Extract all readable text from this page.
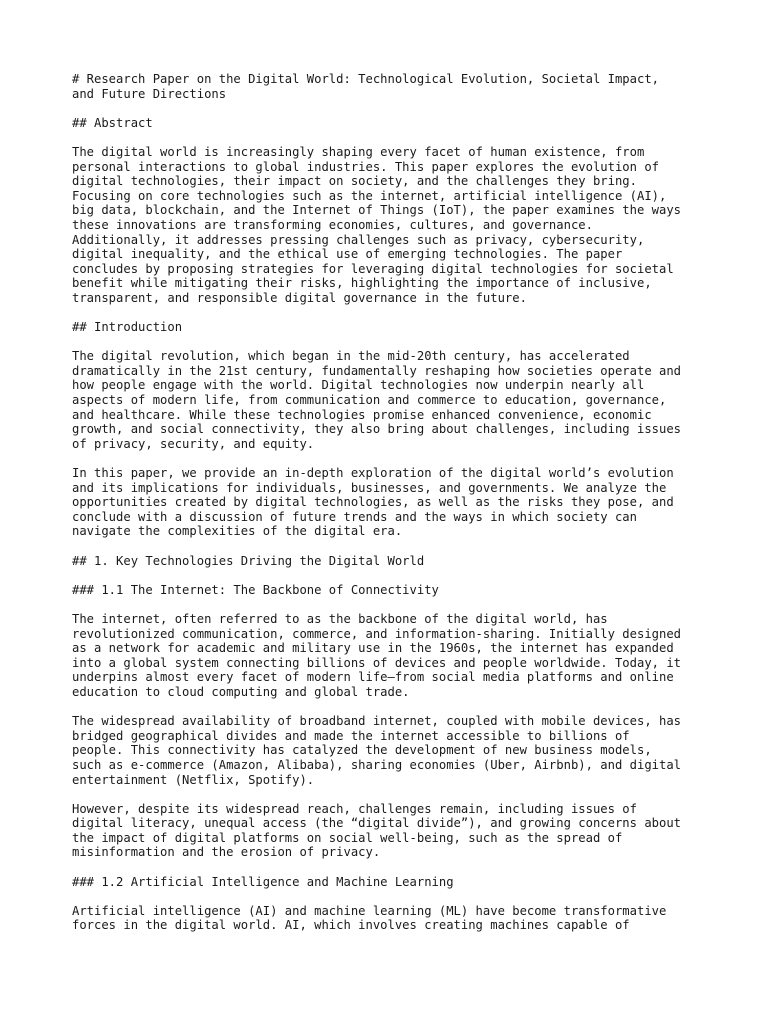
# Research Paper on the Digital World: Technological Evolution, Societal Impact,
and Future Directions
## Abstract
The digital world is increasingly shaping every facet of human existence, from
personal interactions to global industries. This paper explores the evolution of
digital technologies, their impact on society, and the challenges they bring.
Focusing on core technologies such as the internet, artificial intelligence (AI),
big data, blockchain, and the Internet of Things (IoT), the paper examines the ways
these innovations are transforming economies, cultures, and governance.
Additionally, it addresses pressing challenges such as privacy, cybersecurity,
digital inequality, and the ethical use of emerging technologies. The paper
concludes by proposing strategies for leveraging digital technologies for societal
benefit while mitigating their risks, highlighting the importance of inclusive,
transparent, and responsible digital governance in the future.
## Introduction
The digital revolution, which began in the mid-20th century, has accelerated
dramatically in the 21st century, fundamentally reshaping how societies operate and
how people engage with the world. Digital technologies now underpin nearly all
aspects of modern life, from communication and commerce to education, governance,
and healthcare. While these technologies promise enhanced convenience, economic
growth, and social connectivity, they also bring about challenges, including issues
of privacy, security, and equity.
In this paper, we provide an in-depth exploration of the digital world’s evolution
and its implications for individuals, businesses, and governments. We analyze the
opportunities created by digital technologies, as well as the risks they pose, and
conclude with a discussion of future trends and the ways in which society can
navigate the complexities of the digital era.
## 1. Key Technologies Driving the Digital World
### 1.1 The Internet: The Backbone of Connectivity
The internet, often referred to as the backbone of the digital world, has
revolutionized communication, commerce, and information-sharing. Initially designed
as a network for academic and military use in the 1960s, the internet has expanded
into a global system connecting billions of devices and people worldwide. Today, it
underpins almost every facet of modern life—from social media platforms and online
education to cloud computing and global trade.
The widespread availability of broadband internet, coupled with mobile devices, has
bridged geographical divides and made the internet accessible to billions of
people. This connectivity has catalyzed the development of new business models,
such as e-commerce (Amazon, Alibaba), sharing economies (Uber, Airbnb), and digital
entertainment (Netflix, Spotify).
However, despite its widespread reach, challenges remain, including issues of
digital literacy, unequal access (the “digital divide”), and growing concerns about
the impact of digital platforms on social well-being, such as the spread of
misinformation and the erosion of privacy.
### 1.2 Artificial Intelligence and Machine Learning
Artificial intelligence (AI) and machine learning (ML) have become transformative
forces in the digital world. AI, which involves creating machines capable of
